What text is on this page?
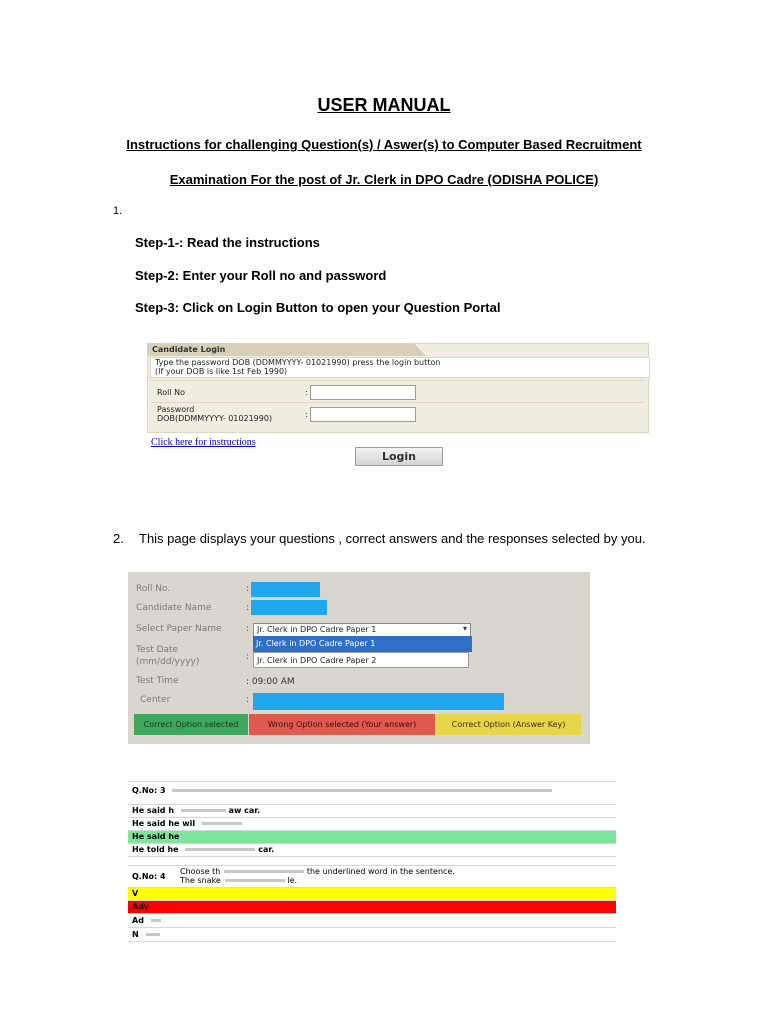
USER MANUAL
Instructions for challenging Question(s) / Aswer(s) to Computer Based Recruitment
Examination For the post of Jr. Clerk in DPO Cadre (ODISHA POLICE)
1.
Step-1-: Read the instructions
Step-2: Enter your Roll no and password
Step-3: Click on Login Button to open your Question Portal
Candidate Login
Type the password DOB (DDMMYYYY- 01021990) press the login button
(If your DOB is like 1st Feb 1990)
Roll No	:
Password
DOB(DDMMYYYY- 01021990)	:
Click here for instructions
Login
2. This page displays your questions , correct answers and the responses selected by you.
Roll No.	:
Candidate Name	:
Select Paper Name	: Jr. Clerk in DPO Cadre Paper 1	▾
Jr. Clerk in DPO Cadre Paper 1
Jr. Clerk in DPO Cadre Paper 2
Test Date
(mm/dd/yyyy)	:
Test Time	: 09:00 AM
Center	:
Correct Option selected	Wrong Option selected (Your answer)	Correct Option (Answer Key)
Q.No: 3
He said h	aw car.
He said he wil
He said he
He told he	car.
Q.No: 4
Choose th	the underlined word in the sentence.
The snake	le.
V
Adv
Ad
N
